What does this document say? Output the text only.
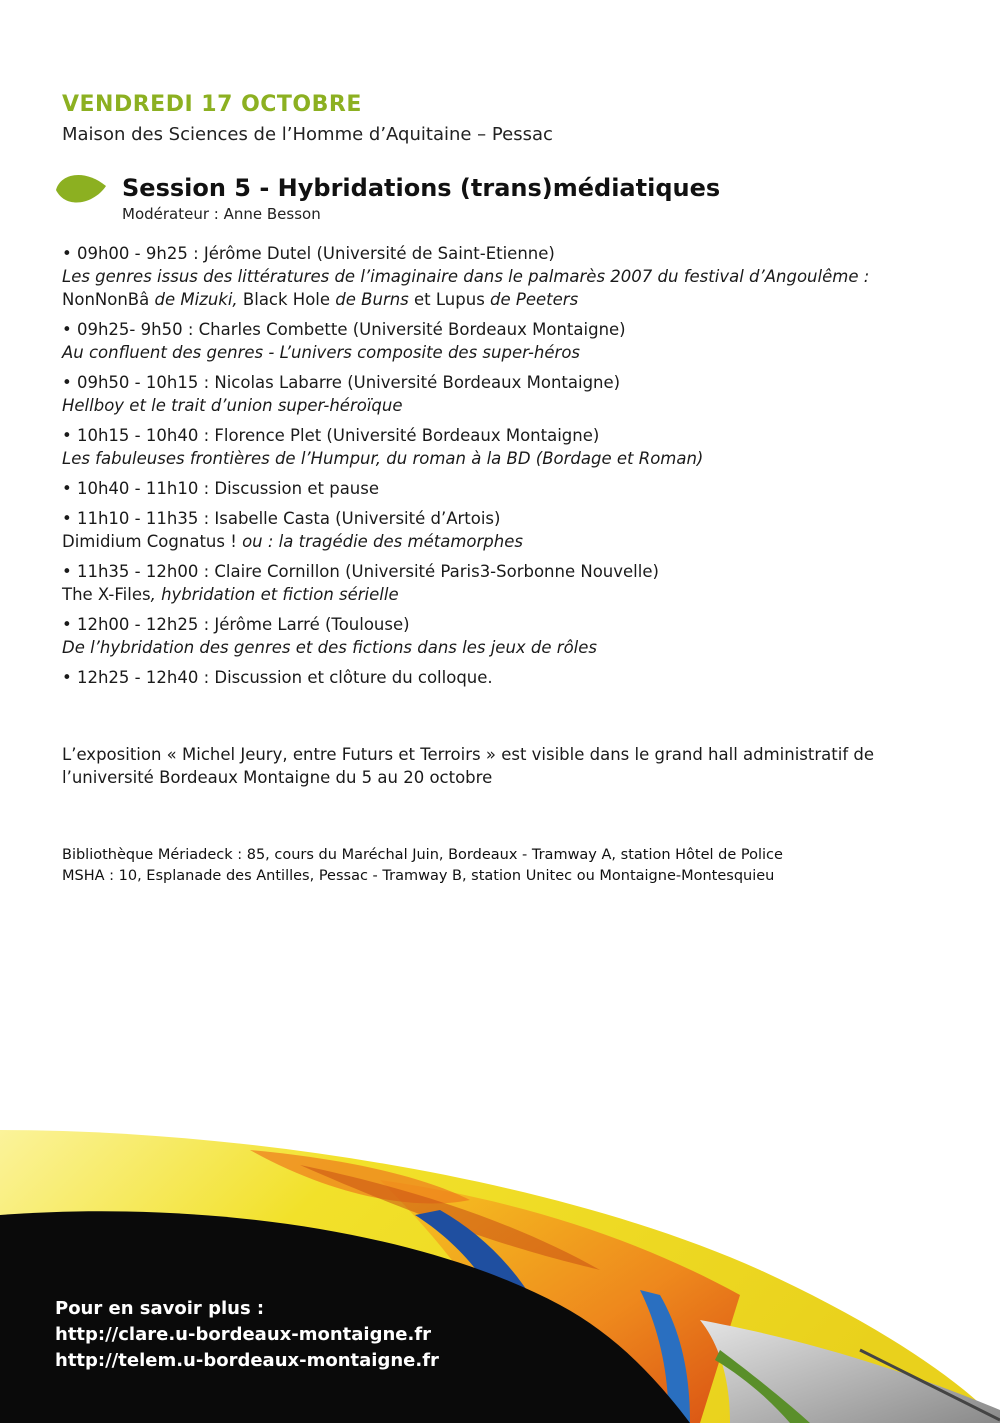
VENDREDI 17 OCTOBRE

Maison des Sciences de l’Homme d’Aquitaine – Pessac

Session 5 - Hybridations (trans)médiatiques

Modérateur : Anne Besson

• 09h00 - 9h25 : Jérôme Dutel (Université de Saint-Etienne)
Les genres issus des littératures de l’imaginaire dans le palmarès 2007 du festival d’Angoulême : NonNonBâ de Mizuki, Black Hole de Burns et Lupus de Peeters
• 09h25- 9h50 : Charles Combette (Université Bordeaux Montaigne)
Au confluent des genres - L’univers composite des super-héros
• 09h50 - 10h15 : Nicolas Labarre (Université Bordeaux Montaigne)
Hellboy et le trait d’union super-héroïque
• 10h15 - 10h40 : Florence Plet (Université Bordeaux Montaigne)
Les fabuleuses frontières de l’Humpur, du roman à la BD (Bordage et Roman)
• 10h40 - 11h10 : Discussion et pause
• 11h10 - 11h35 : Isabelle Casta (Université d’Artois)
Dimidium Cognatus ! ou : la tragédie des métamorphes
• 11h35 - 12h00 : Claire Cornillon (Université Paris3-Sorbonne Nouvelle)
The X-Files, hybridation et fiction sérielle
• 12h00 - 12h25 : Jérôme Larré (Toulouse)
De l’hybridation des genres et des fictions dans les jeux de rôles
• 12h25 - 12h40 : Discussion et clôture du colloque.

L’exposition « Michel Jeury, entre Futurs et Terroirs » est visible dans le grand hall administratif de l’université Bordeaux Montaigne du 5 au 20 octobre

Bibliothèque Mériadeck : 85, cours du Maréchal Juin, Bordeaux - Tramway A, station Hôtel de Police

MSHA : 10, Esplanade des Antilles, Pessac - Tramway B, station Unitec ou Montaigne-Montesquieu

Pour en savoir plus :
http://clare.u-bordeaux-montaigne.fr
http://telem.u-bordeaux-montaigne.fr
